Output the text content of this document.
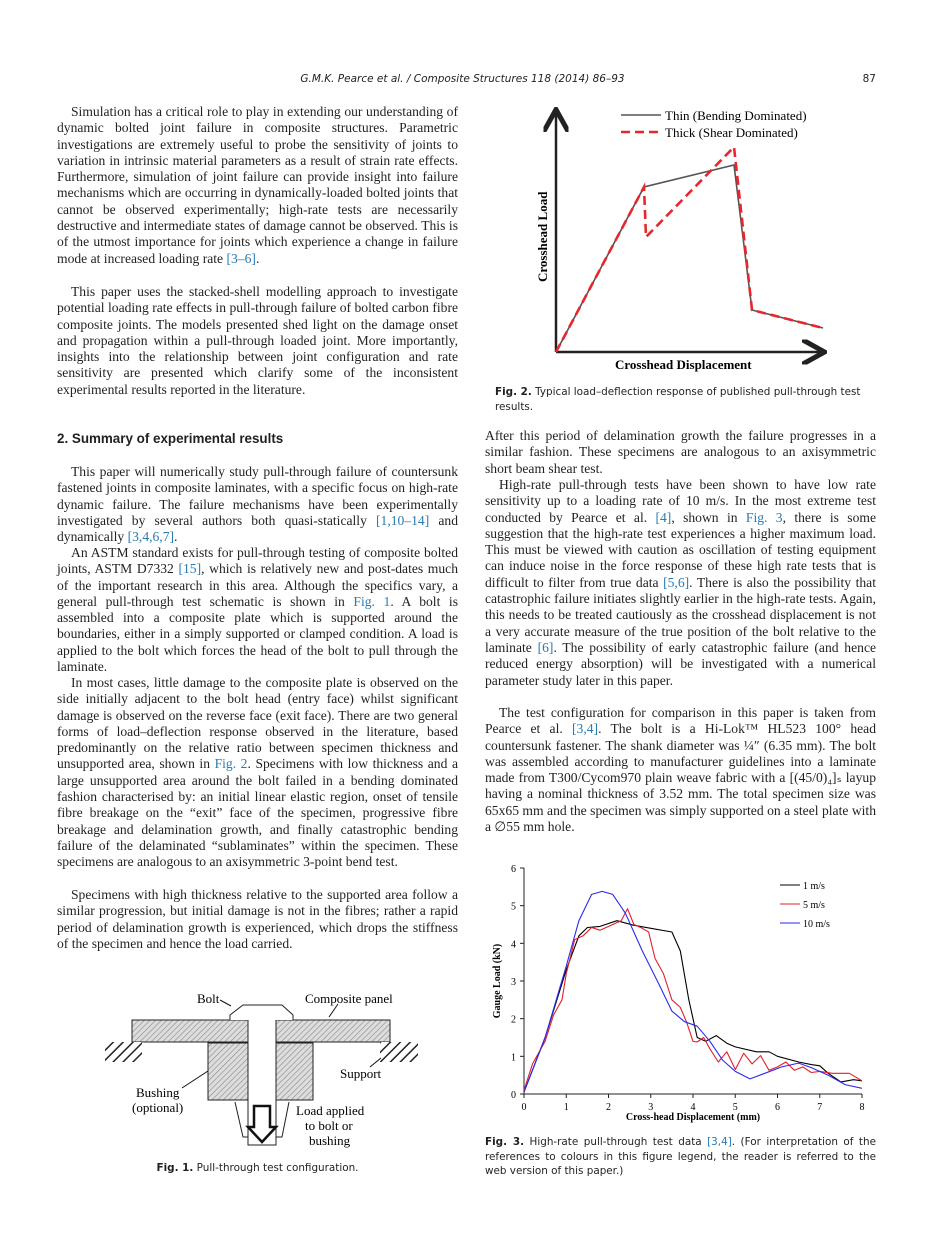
G.M.K. Pearce et al. / Composite Structures 118 (2014) 86–93	87

Simulation has a critical role to play in extending our understanding of dynamic bolted joint failure in composite structures. Parametric investigations are extremely useful to probe the sensitivity of joints to variation in intrinsic material parameters as a result of strain rate effects. Furthermore, simulation of joint failure can provide insight into failure mechanisms which are occurring in dynamically-loaded bolted joints that cannot be observed experimentally; high-rate tests are necessarily destructive and intermediate states of damage cannot be observed. This is of the utmost importance for joints which experience a change in failure mode at increased loading rate [3–6].

This paper uses the stacked-shell modelling approach to investigate potential loading rate effects in pull-through failure of bolted carbon fibre composite joints. The models presented shed light on the damage onset and propagation within a pull-through loaded joint. More importantly, insights into the relationship between joint configuration and rate sensitivity are presented which clarify some of the inconsistent experimental results reported in the literature.

2. Summary of experimental results

This paper will numerically study pull-through failure of countersunk fastened joints in composite laminates, with a specific focus on high-rate dynamic failure. The failure mechanisms have been experimentally investigated by several authors both quasi-statically [1,10–14] and dynamically [3,4,6,7].

An ASTM standard exists for pull-through testing of composite bolted joints, ASTM D7332 [15], which is relatively new and post-dates much of the important research in this area. Although the specifics vary, a general pull-through test schematic is shown in Fig. 1. A bolt is assembled into a composite plate which is supported around the boundaries, either in a simply supported or clamped condition. A load is applied to the bolt which forces the head of the bolt to pull through the laminate.

In most cases, little damage to the composite plate is observed on the side initially adjacent to the bolt head (entry face) whilst significant damage is observed on the reverse face (exit face). There are two general forms of load–deflection response observed in the literature, based predominantly on the relative ratio between specimen thickness and unsupported area, shown in Fig. 2. Specimens with low thickness and a large unsupported area around the bolt failed in a bending dominated fashion characterised by: an initial linear elastic region, onset of tensile fibre breakage on the “exit” face of the specimen, progressive fibre breakage and delamination growth, and finally catastrophic bending failure of the delaminated “sublaminates” within the specimen. These specimens are analogous to an axisymmetric 3-point bend test.

Specimens with high thickness relative to the supported area follow a similar progression, but initial damage is not in the fibres; rather a rapid period of delamination growth is experienced, which drops the stiffness of the specimen and hence the load carried.

After this period of delamination growth the failure progresses in a similar fashion. These specimens are analogous to an axisymmetric short beam shear test.

High-rate pull-through tests have been shown to have low rate sensitivity up to a loading rate of 10 m/s. In the most extreme test conducted by Pearce et al. [4], shown in Fig. 3, there is some suggestion that the high-rate test experiences a higher maximum load. This must be viewed with caution as oscillation of testing equipment can induce noise in the force response of these high rate tests that is difficult to filter from true data [5,6]. There is also the possibility that catastrophic failure initiates slightly earlier in the high-rate tests. Again, this needs to be treated cautiously as the crosshead displacement is not a very accurate measure of the true position of the bolt relative to the laminate [6]. The possibility of early catastrophic failure (and hence reduced energy absorption) will be investigated with a numerical parameter study later in this paper.

The test configuration for comparison in this paper is taken from Pearce et al. [3,4]. The bolt is a Hi-Lok™ HL523 100° head countersunk fastener. The shank diameter was ¼″ (6.35 mm). The bolt was assembled according to manufacturer guidelines into a laminate made from T300/Cycom970 plain weave fabric with a [(45/0)₄]ₛ layup having a nominal thickness of 3.52 mm. The total specimen size was 65x65 mm and the specimen was simply supported on a steel plate with a ∅55 mm hole.

Thin (Bending Dominated)
Thick (Shear Dominated)
Crosshead Load
Crosshead Displacement
Fig. 2. Typical load–deflection response of published pull-through test results.
Bolt	Composite panel
Support
Bushing
(optional)	Load applied
to bolt or
bushing
Fig. 1. Pull-through test configuration.
0	1	2	3	4	5	6	7	8
0
1
2
3
4
5
6
Cross-head Displacement (mm)
Gauge Load (kN)
1 m/s
5 m/s
10 m/s
Fig. 3. High-rate pull-through test data [3,4]. (For interpretation of the references to colours in this figure legend, the reader is referred to the web version of this paper.)
